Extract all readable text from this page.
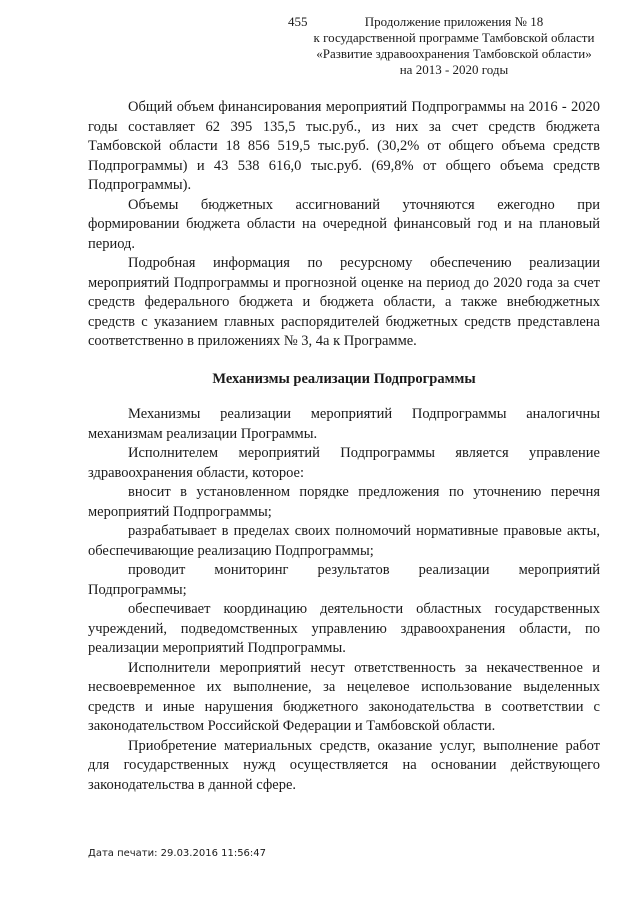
455	Продолжение приложения № 18
к государственной программе Тамбовской области
«Развитие здравоохранения Тамбовской области»
на 2013 - 2020 годы

Общий объем финансирования мероприятий Подпрограммы на 2016 - 2020 годы составляет 62 395 135,5 тыс.руб., из них за счет средств бюджета Тамбовской области 18 856 519,5 тыс.руб. (30,2% от общего объема средств Подпрограммы) и 43 538 616,0 тыс.руб. (69,8% от общего объема средств Подпрограммы).

Объемы бюджетных ассигнований уточняются ежегодно при формировании бюджета области на очередной финансовый год и на плановый период.

Подробная информация по ресурсному обеспечению реализации мероприятий Подпрограммы и прогнозной оценке на период до 2020 года за счет средств федерального бюджета и бюджета области, а также внебюджетных средств с указанием главных распорядителей бюджетных средств представлена соответственно в приложениях № 3, 4а к Программе.

Механизмы реализации Подпрограммы

Механизмы реализации мероприятий Подпрограммы аналогичны механизмам реализации Программы.

Исполнителем мероприятий Подпрограммы является управление здравоохранения области, которое:

вносит в установленном порядке предложения по уточнению перечня мероприятий Подпрограммы;

разрабатывает в пределах своих полномочий нормативные правовые акты, обеспечивающие реализацию Подпрограммы;

проводит мониторинг результатов реализации мероприятий Подпрограммы;

обеспечивает координацию деятельности областных государственных учреждений, подведомственных управлению здравоохранения области, по реализации мероприятий Подпрограммы.

Исполнители мероприятий несут ответственность за некачественное и несвоевременное их выполнение, за нецелевое использование выделенных средств и иные нарушения бюджетного законодательства в соответствии с законодательством Российской Федерации и Тамбовской области.

Приобретение материальных средств, оказание услуг, выполнение работ для государственных нужд осуществляется на основании действующего законодательства в данной сфере.

Дата печати: 29.03.2016 11:56:47
